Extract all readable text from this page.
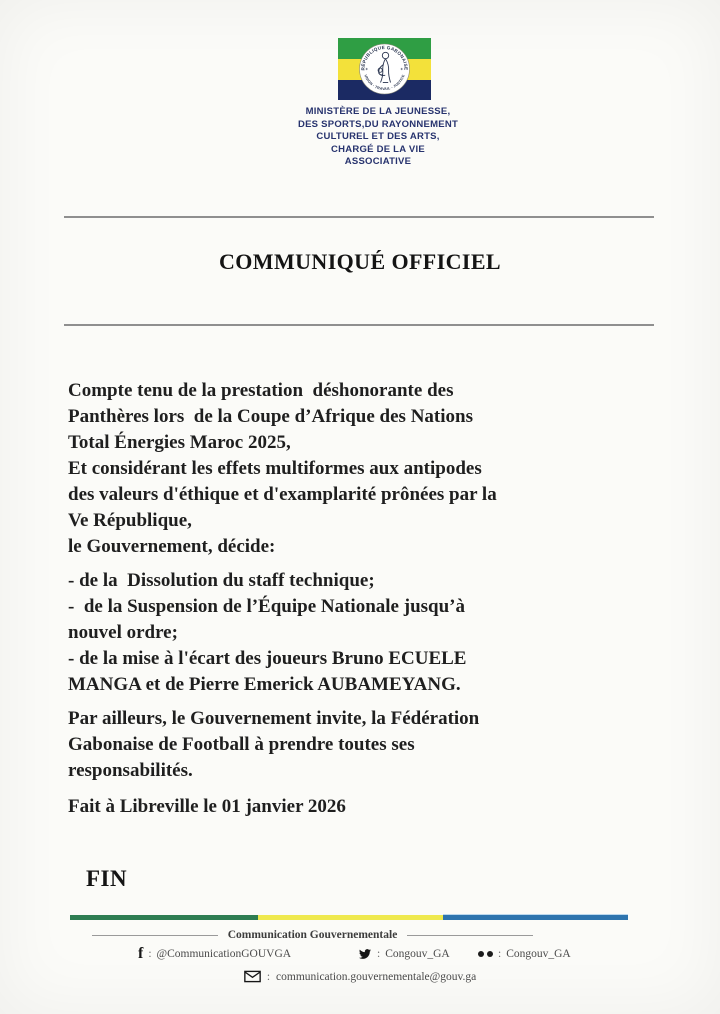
RÉPUBLIQUE GABONAISE
UNION - TRAVAIL - JUSTICE
✶	✶
MINISTÈRE DE LA JEUNESSE,
DES SPORTS,DU RAYONNEMENT
CULTUREL ET DES ARTS,
CHARGÉ DE LA VIE
ASSOCIATIVE
COMMUNIQUÉ OFFICIEL
Compte tenu de la prestation  déshonorante des
Panthères lors  de la Coupe d’Afrique des Nations
Total Énergies Maroc 2025,
Et considérant les effets multiformes aux antipodes
des valeurs d'éthique et d'examplarité prônées par la
Ve République,
le Gouvernement, décide:
- de la  Dissolution du staff technique;
-  de la Suspension de l’Équipe Nationale jusqu’à
nouvel ordre;
- de la mise à l'écart des joueurs Bruno ECUELE
MANGA et de Pierre Emerick AUBAMEYANG.
Par ailleurs, le Gouvernement invite, la Fédération
Gabonaise de Football à prendre toutes ses
responsabilités.
Fait à Libreville le 01 janvier 2026
FIN
Communication Gouvernementale
f : @CommunicationGOUVGA	: Congouv_GA	: Congouv_GA
: communication.gouvernementale@gouv.ga
